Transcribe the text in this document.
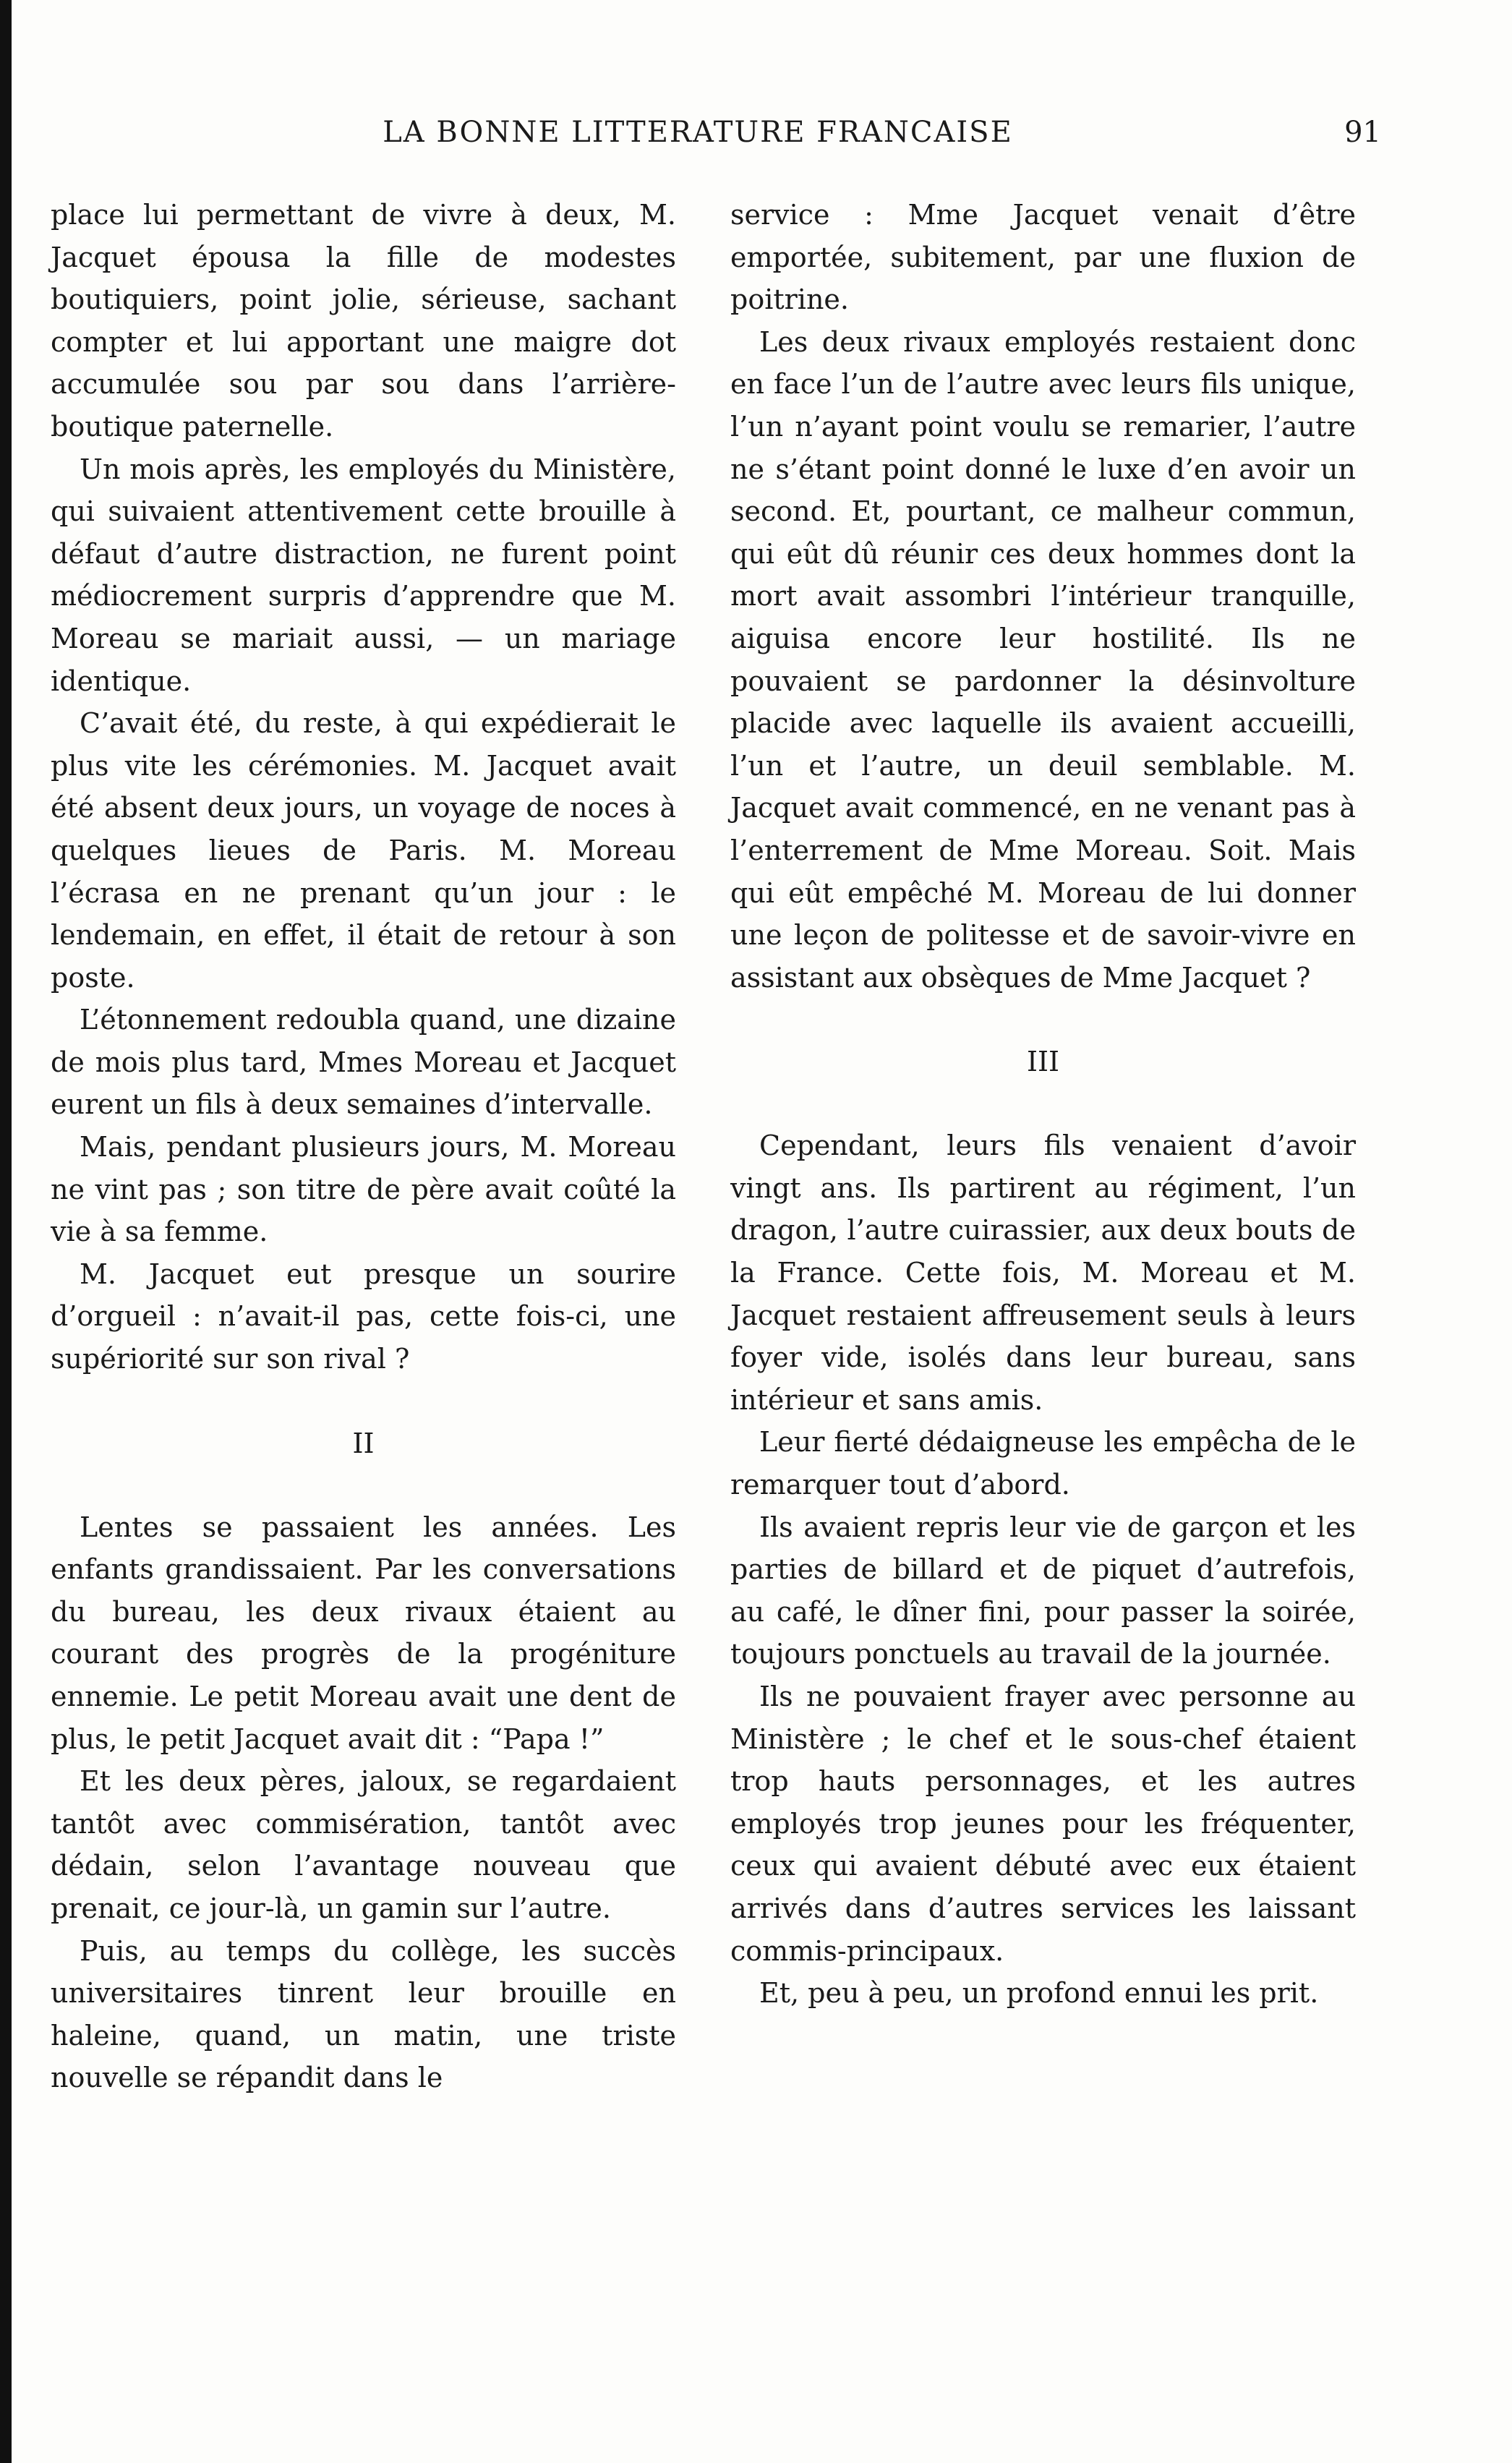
LA BONNE LITTERATURE FRANCAISE	91

place lui permettant de vivre à deux, M. Jacquet épousa la fille de modestes boutiquiers, point jolie, sérieuse, sachant compter et lui apportant une maigre dot accumulée sou par sou dans l’arrière-boutique paternelle.

Un mois après, les employés du Ministère, qui suivaient attentivement cette brouille à défaut d’autre distraction, ne furent point médiocrement surpris d’apprendre que M. Moreau se mariait aussi, — un mariage identique.

C’avait été, du reste, à qui expédierait le plus vite les cérémonies. M. Jacquet avait été absent deux jours, un voyage de noces à quelques lieues de Paris. M. Moreau l’écrasa en ne prenant qu’un jour : le lendemain, en effet, il était de retour à son poste.

L’étonnement redoubla quand, une dizaine de mois plus tard, Mmes Moreau et Jacquet eurent un fils à deux semaines d’intervalle.

Mais, pendant plusieurs jours, M. Moreau ne vint pas ; son titre de père avait coûté la vie à sa femme.

M. Jacquet eut presque un sourire d’orgueil : n’avait-il pas, cette fois-ci, une supériorité sur son rival ?

II

Lentes se passaient les années. Les enfants grandissaient. Par les conversations du bureau, les deux rivaux étaient au courant des progrès de la progéniture ennemie. Le petit Moreau avait une dent de plus, le petit Jacquet avait dit : “Papa !”

Et les deux pères, jaloux, se regardaient tantôt avec commisération, tantôt avec dédain, selon l’avantage nouveau que prenait, ce jour-là, un gamin sur l’autre.

Puis, au temps du collège, les succès universitaires tinrent leur brouille en haleine, quand, un matin, une triste nouvelle se répandit dans le

service : Mme Jacquet venait d’être emportée, subitement, par une fluxion de poitrine.

Les deux rivaux employés restaient donc en face l’un de l’autre avec leurs fils unique, l’un n’ayant point voulu se remarier, l’autre ne s’étant point donné le luxe d’en avoir un second. Et, pourtant, ce malheur commun, qui eût dû réunir ces deux hommes dont la mort avait assombri l’intérieur tranquille, aiguisa encore leur hostilité. Ils ne pouvaient se pardonner la désinvolture placide avec laquelle ils avaient accueilli, l’un et l’autre, un deuil semblable. M. Jacquet avait commencé, en ne venant pas à l’enterrement de Mme Moreau. Soit. Mais qui eût empêché M. Moreau de lui donner une leçon de politesse et de savoir-vivre en assistant aux obsèques de Mme Jacquet ?

III

Cependant, leurs fils venaient d’avoir vingt ans. Ils partirent au régiment, l’un dragon, l’autre cuirassier, aux deux bouts de la France. Cette fois, M. Moreau et M. Jacquet restaient affreusement seuls à leurs foyer vide, isolés dans leur bureau, sans intérieur et sans amis.

Leur fierté dédaigneuse les empêcha de le remarquer tout d’abord.

Ils avaient repris leur vie de garçon et les parties de billard et de piquet d’autrefois, au café, le dîner fini, pour passer la soirée, toujours ponctuels au travail de la journée.

Ils ne pouvaient frayer avec personne au Ministère ; le chef et le sous-chef étaient trop hauts personnages, et les autres employés trop jeunes pour les fréquenter, ceux qui avaient débuté avec eux étaient arrivés dans d’autres services les laissant commis-principaux.

Et, peu à peu, un profond ennui les prit.
